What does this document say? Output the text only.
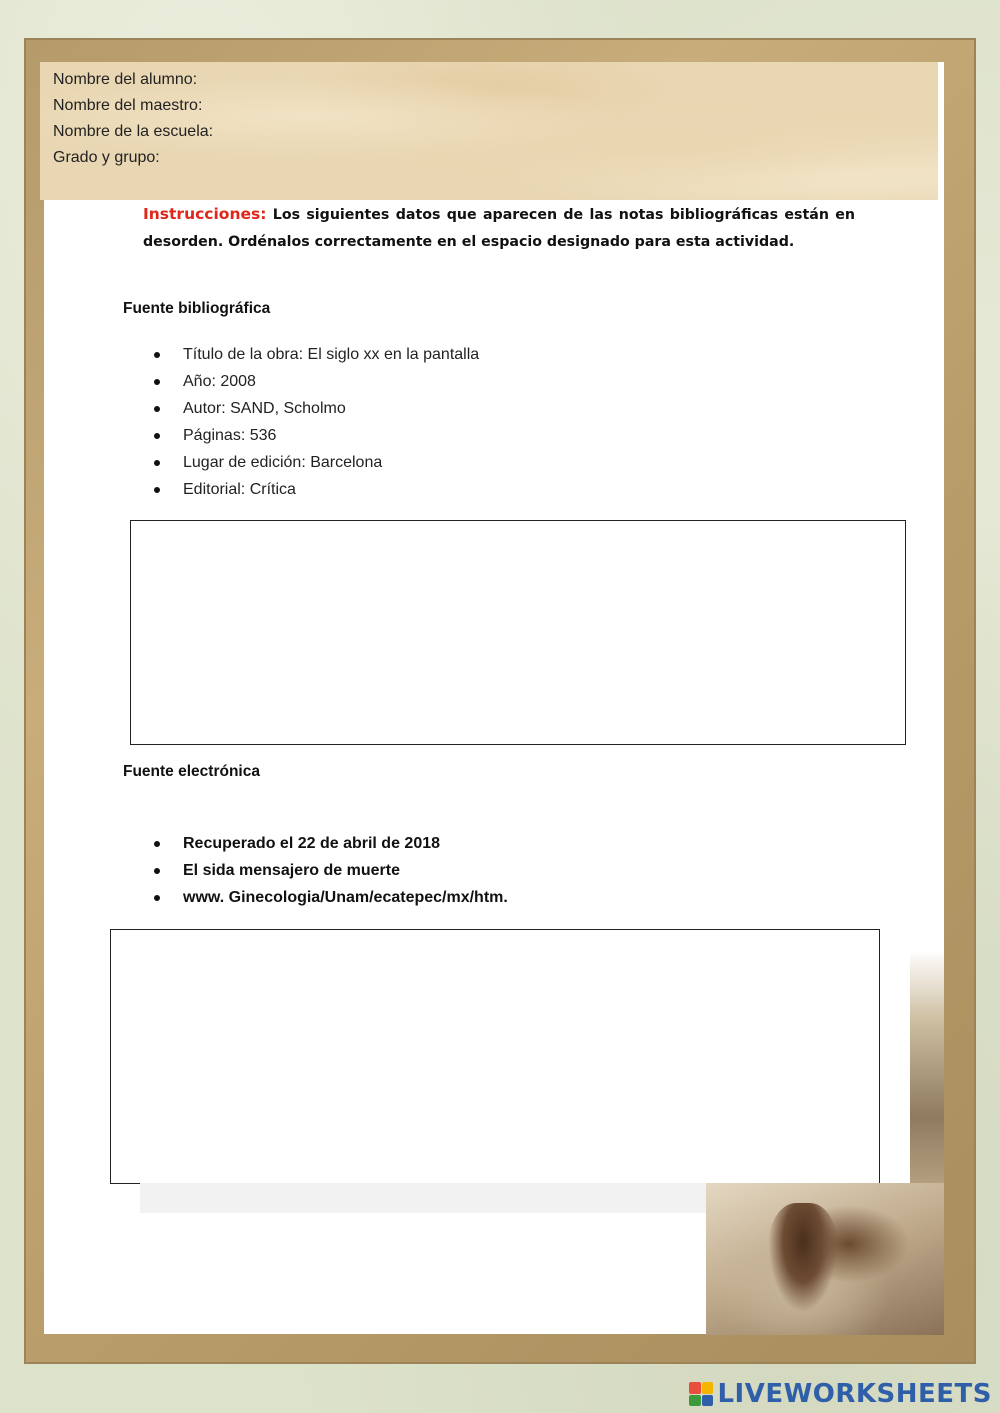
Nombre del alumno:
Nombre del maestro:
Nombre de la escuela:
Grado y grupo:
Instrucciones: Los siguientes datos que aparecen de las notas bibliográficas están en desorden. Ordénalos correctamente en el espacio designado para esta actividad.
Fuente bibliográfica
Título de la obra: El siglo xx en la pantalla
Año: 2008
Autor: SAND, Scholmo
Páginas: 536
Lugar de edición: Barcelona
Editorial: Crítica
Fuente electrónica
Recuperado el 22 de abril de 2018
El sida mensajero de muerte
www. Ginecologia/Unam/ecatepec/mx/htm.
LIVEWORKSHEETS
